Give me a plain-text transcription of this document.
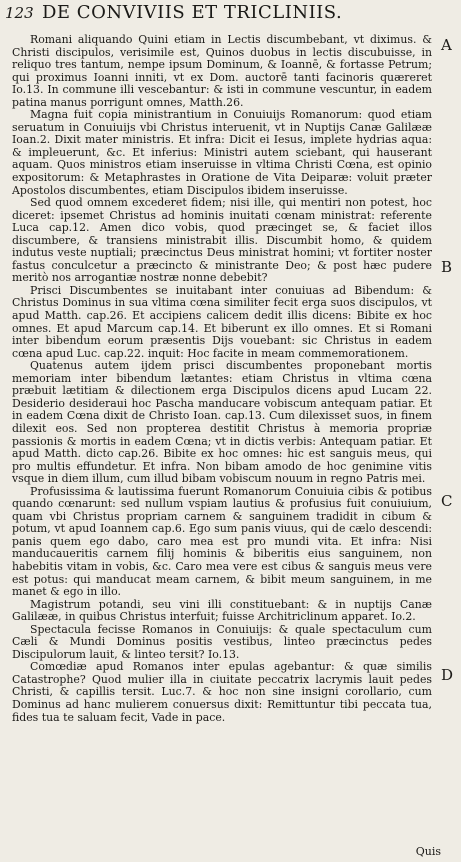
123 DE CONVIVIIS ET TRICLINIIS.

Romani aliquando Quini etiam in Lectis discumbebant, vt diximus. & Christi discipulos, verisimile est, Quinos duobus in lectis discubuisse, in reliquo tres tantum, nempe ipsum Dominum, & Ioannē, & fortasse Petrum; qui proximus Ioanni inniti, vt ex Dom. auctorē tanti facinoris quæreret Io.13. In commune illi vescebantur: & isti in commune vescuntur, in eadem patina manus porrigunt omnes, Matth.26.

Magna fuit copia ministrantium in Conuiuijs Romanorum: quod etiam seruatum in Conuiuijs vbi Christus interuenit, vt in Nuptijs Canæ Galilææ Ioan.2. Dixit mater ministris. Et infra: Dicit ei Iesus, implete hydrias aqua: & impleuerunt, &c. Et inferius: Ministri autem sciebant, qui hauserant aquam. Quos ministros etiam inseruisse in vltima Christi Cœna, est opinio expositorum: & Metaphrastes in Oratione de Vita Deiparæ: voluit præter Apostolos discumbentes, etiam Discipulos ibidem inseruisse.

Sed quod omnem excederet fidem; nisi ille, qui mentiri non potest, hoc diceret: ipsemet Christus ad hominis inuitati cœnam ministrat: referente Luca cap.12. Amen dico vobis, quod præcinget se, & faciet illos discumbere, & transiens ministrabit illis. Discumbit homo, & quidem indutus veste nuptiali; præcinctus Deus ministrat homini; vt fortiter noster fastus conculcetur a præcincto & ministrante Deo; & post hæc pudere meritò nos arrogantiæ nostræ nonne debebit?

Prisci Discumbentes se inuitabant inter conuiuas ad Bibendum: & Christus Dominus in sua vltima cœna similiter fecit erga suos discipulos, vt apud Matth. cap.26. Et accipiens calicem dedit illis dicens: Bibite ex hoc omnes. Et apud Marcum cap.14. Et biberunt ex illo omnes. Et si Romani inter bibendum eorum præsentis Dijs vouebant: sic Christus in eadem cœna apud Luc. cap.22. inquit: Hoc facite in meam commemorationem.

Quatenus autem ijdem prisci discumbentes proponebant mortis memoriam inter bibendum lætantes: etiam Christus in vltima cœna præbuit lætitiam & dilectionem erga Discipulos dicens apud Lucam 22. Desiderio desideraui hoc Pascha manducare vobiscum antequam patiar. Et in eadem Cœna dixit de Christo Ioan. cap.13. Cum dilexisset suos, in finem dilexit eos. Sed non propterea destitit Christus à memoria propriæ passionis & mortis in eadem Cœna; vt in dictis verbis: Antequam patiar. Et apud Matth. dicto cap.26. Bibite ex hoc omnes: hic est sanguis meus, qui pro multis effundetur. Et infra. Non bibam amodo de hoc genimine vitis vsque in diem illum, cum illud bibam vobiscum nouum in regno Patris mei.

Profusissima & lautissima fuerunt Romanorum Conuiuia cibis & potibus quando cœnarunt: sed nullum vspiam lautius & profusius fuit conuiuium, quam vbi Christus propriam carnem & sanguinem tradidit in cibum & potum, vt apud Ioannem cap.6. Ego sum panis viuus, qui de cælo descendi: panis quem ego dabo, caro mea est pro mundi vita. Et infra: Nisi manducaueritis carnem filij hominis & biberitis eius sanguinem, non habebitis vitam in vobis, &c. Caro mea vere est cibus & sanguis meus vere est potus: qui manducat meam carnem, & bibit meum sanguinem, in me manet & ego in illo.

Magistrum potandi, seu vini illi constituebant: & in nuptijs Canæ Galilææ, in quibus Christus interfuit; fuisse Architriclinum apparet. Io.2.

Spectacula fecisse Romanos in Conuiuijs: & quale spectaculum cum Cæli & Mundi Dominus positis vestibus, linteo præcinctus pedes Discipulorum lauit, & linteo tersit? Io.13.

Comœdiæ apud Romanos inter epulas agebantur: & quæ similis Catastrophe? Quod mulier illa in ciuitate peccatrix lacrymis lauit pedes Christi, & capillis tersit. Luc.7. & hoc non sine insigni corollario, cum Dominus ad hanc mulierem conuersus dixit: Remittuntur tibi peccata tua, fides tua te saluam fecit, Vade in pace.

A
B
C
D
Quis
